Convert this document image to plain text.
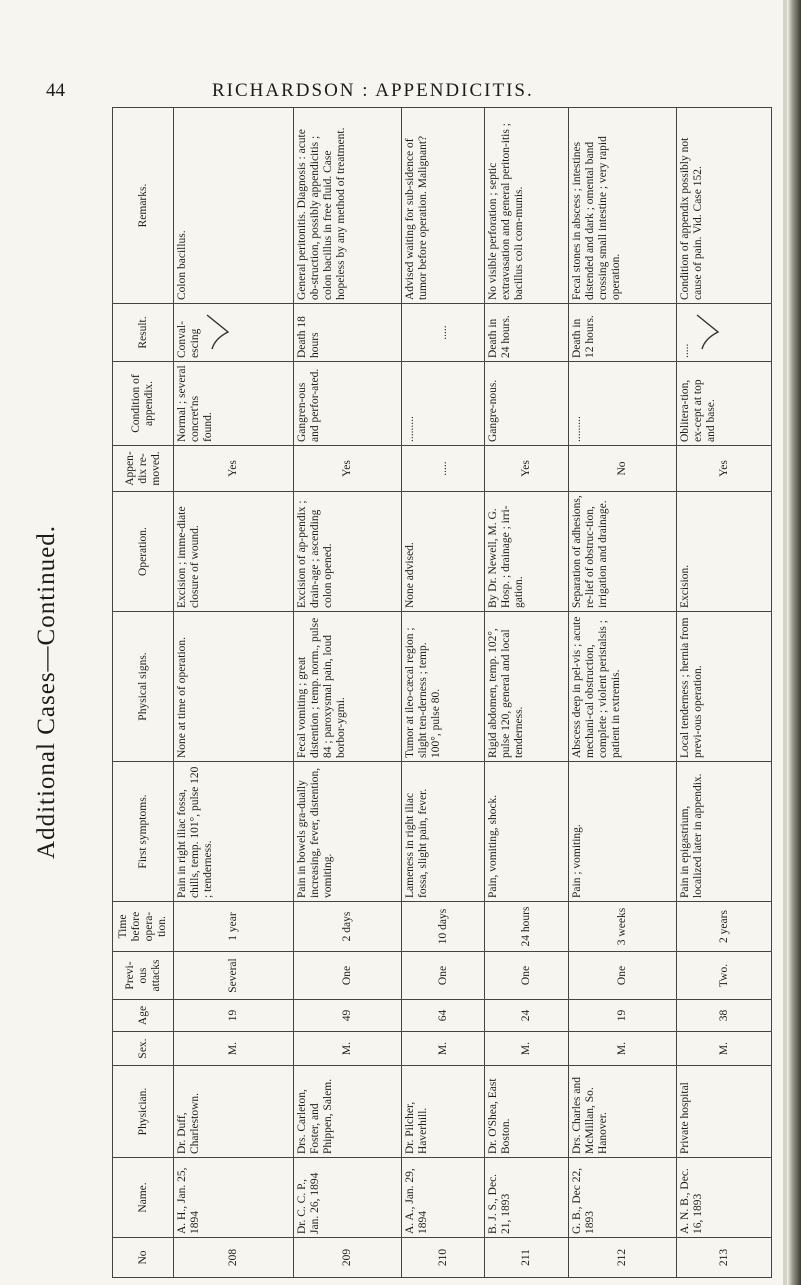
44	RICHARDSON : APPENDICITIS.
Additional Cases—Continued.
No	Name.	Physician.	Sex.	Age	Previ-ous attacks	Time before opera-tion.	First symptoms.	Physical signs.	Operation.	Appen-dix re-moved.	Condition of appendix.	Result.	Remarks.
208	A. H., Jan. 25, 1894	Dr. Duff, Charlestown.	M.	19	Several	1 year	Pain in right iliac fossa, chills, temp. 101°, pulse 120 ; tenderness.	None at time of operation.	Excision ; imme-diate closure of wound.	Yes	Normal ; several concret'ns found.	Conval-escing	Colon bacillus.
209	Dr. C. C. P., Jan. 26, 1894	Drs. Carleton, Foster, and Phippen, Salem.	M.	49	One	2 days	Pain in bowels gra-dually increasing, fever, distention, vomiting.	Fecal vomiting ; great distention ; temp. norm., pulse 84 ; paroxysmal pain, loud borbor-ygmi.	Excision of ap-pendix ; drain-age ; ascending colon opened.	Yes	Gangren-ous and perfor-ated.	Death 18 hours	General peritonitis. Diagnosis : acute ob-struction, possibly appendicitis ; colon bacillus in free fluid. Case hopeless by any method of treatment.
210	A. A., Jan. 29, 1894	Dr. Pilcher, Haverhill.	M.	64	One	10 days	Lameness in right iliac fossa, slight pain, fever.	Tumor at ileo-cæcal region ; slight ten-derness ; temp. 100°, pulse 80.	None advised.	.....	.........	.....	Advised waiting for sub-sidence of tumor before operation. Malignant?
211	B. J. S., Dec. 21, 1893	Dr. O'Shea, East Boston.	M.	24	One	24 hours	Pain, vomiting, shock.	Rigid abdomen, temp. 102°, pulse 120, general and local tenderness.	By Dr. Newell, M. G. Hosp. ; drainage ; irri-gation.	Yes	Gangre-nous.	Death in 24 hours.	No visible perforation ; septic extravasation and general periton-itis ; bacillus coli com-munis.
212	G. B., Dec 22, 1893	Drs. Charles and McMillan, So. Hanover.	M.	19	One	3 weeks	Pain ; vomiting.	Abscess deep in pel-vis ; acute mechani-cal obstruction, complete ; violent peristalsis ; patient in extremis.	Separation of adhesions, re-lief of obstruc-tion, irrigation and drainage.	No	.........	Death in 12 hours.	Fecal stones in abscess ; intestines distended and dark ; omental band crossing small intestine ; very rapid operation.
213	A. N. B., Dec. 16, 1893	Private hospital	M.	38	Two.	2 years	Pain in epigastrium, localized later in appendix.	Local tenderness ; hernia from previ-ous operation.	Excision.	Yes	Oblitera-tion, ex-cept at top and base.	.....	Condition of appendix possibly not cause of pain. Vid. Case 152.
